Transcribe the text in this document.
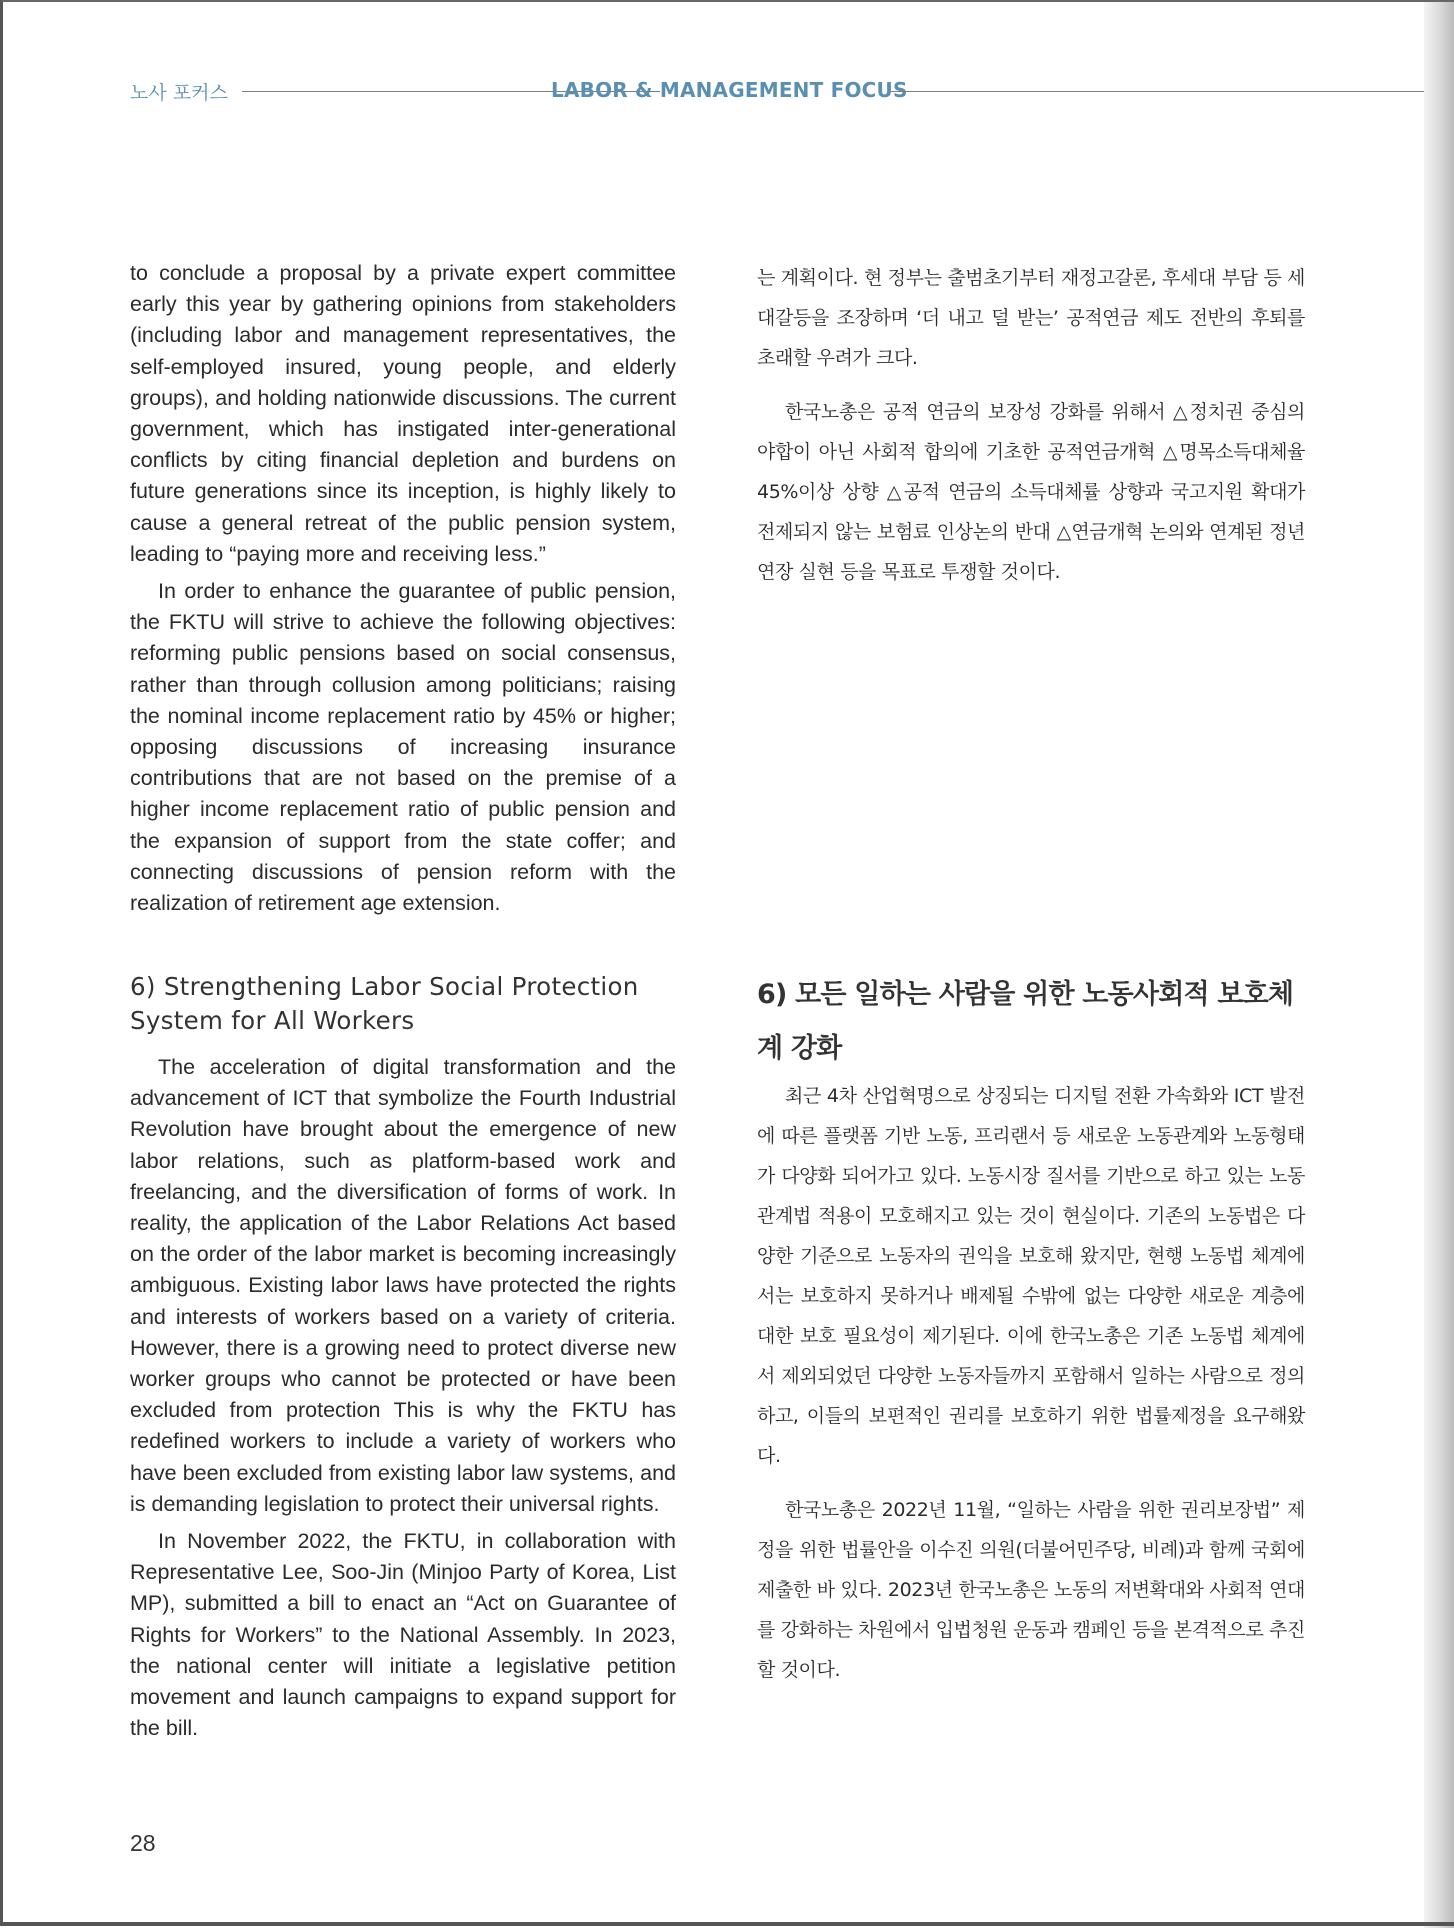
노사 포커스	LABOR & MANAGEMENT FOCUS

to conclude a proposal by a private expert committee early this year by gathering opinions from stakeholders (including labor and management representatives, the self-employed insured, young people, and elderly groups), and holding nationwide discussions. The current government, which has instigated inter-generational conflicts by citing financial depletion and burdens on future generations since its inception, is highly likely to cause a general retreat of the public pension system, leading to “paying more and receiving less.”

In order to enhance the guarantee of public pension, the FKTU will strive to achieve the following objectives: reforming public pensions based on social consensus, rather than through collusion among politicians; raising the nominal income replacement ratio by 45% or higher; opposing discussions of increasing insurance contributions that are not based on the premise of a higher income replacement ratio of public pension and the expansion of support from the state coffer; and connecting discussions of pension reform with the realization of retirement age extension.

는 계획이다. 현 정부는 출범초기부터 재정고갈론, 후세대 부담 등 세대갈등을 조장하며 ‘더 내고 덜 받는’ 공적연금 제도 전반의 후퇴를 초래할 우려가 크다.

한국노총은 공적 연금의 보장성 강화를 위해서 △정치권 중심의 야합이 아닌 사회적 합의에 기초한 공적연금개혁 △명목소득대체율 45%이상 상향 △공적 연금의 소득대체률 상향과 국고지원 확대가 전제되지 않는 보험료 인상논의 반대 △연금개혁 논의와 연계된 정년연장 실현 등을 목표로 투쟁할 것이다.

6) Strengthening Labor Social Protection System for All Workers
6) 모든 일하는 사람을 위한 노동사회적 보호체계 강화

The acceleration of digital transformation and the advancement of ICT that symbolize the Fourth Industrial Revolution have brought about the emergence of new labor relations, such as platform-based work and freelancing, and the diversification of forms of work. In reality, the application of the Labor Relations Act based on the order of the labor market is becoming increasingly ambiguous. Existing labor laws have protected the rights and interests of workers based on a variety of criteria. However, there is a growing need to protect diverse new worker groups who cannot be protected or have been excluded from protection This is why the FKTU has redefined workers to include a variety of workers who have been excluded from existing labor law systems, and is demanding legislation to protect their universal rights.

In November 2022, the FKTU, in collaboration with Representative Lee, Soo-Jin (Minjoo Party of Korea, List MP), submitted a bill to enact an “Act on Guarantee of Rights for Workers” to the National Assembly. In 2023, the national center will initiate a legislative petition movement and launch campaigns to expand support for the bill.

최근 4차 산업혁명으로 상징되는 디지털 전환 가속화와 ICT 발전에 따른 플랫폼 기반 노동, 프리랜서 등 새로운 노동관계와 노동형태가 다양화 되어가고 있다. 노동시장 질서를 기반으로 하고 있는 노동관계법 적용이 모호해지고 있는 것이 현실이다. 기존의 노동법은 다양한 기준으로 노동자의 권익을 보호해 왔지만, 현행 노동법 체계에서는 보호하지 못하거나 배제될 수밖에 없는 다양한 새로운 계층에 대한 보호 필요성이 제기된다. 이에 한국노총은 기존 노동법 체계에서 제외되었던 다양한 노동자들까지 포함해서 일하는 사람으로 정의하고, 이들의 보편적인 권리를 보호하기 위한 법률제정을 요구해왔다.

한국노총은 2022년 11월, “일하는 사람을 위한 권리보장법” 제정을 위한 법률안을 이수진 의원(더불어민주당, 비례)과 함께 국회에 제출한 바 있다. 2023년 한국노총은 노동의 저변확대와 사회적 연대를 강화하는 차원에서 입법청원 운동과 캠페인 등을 본격적으로 추진할 것이다.

28
